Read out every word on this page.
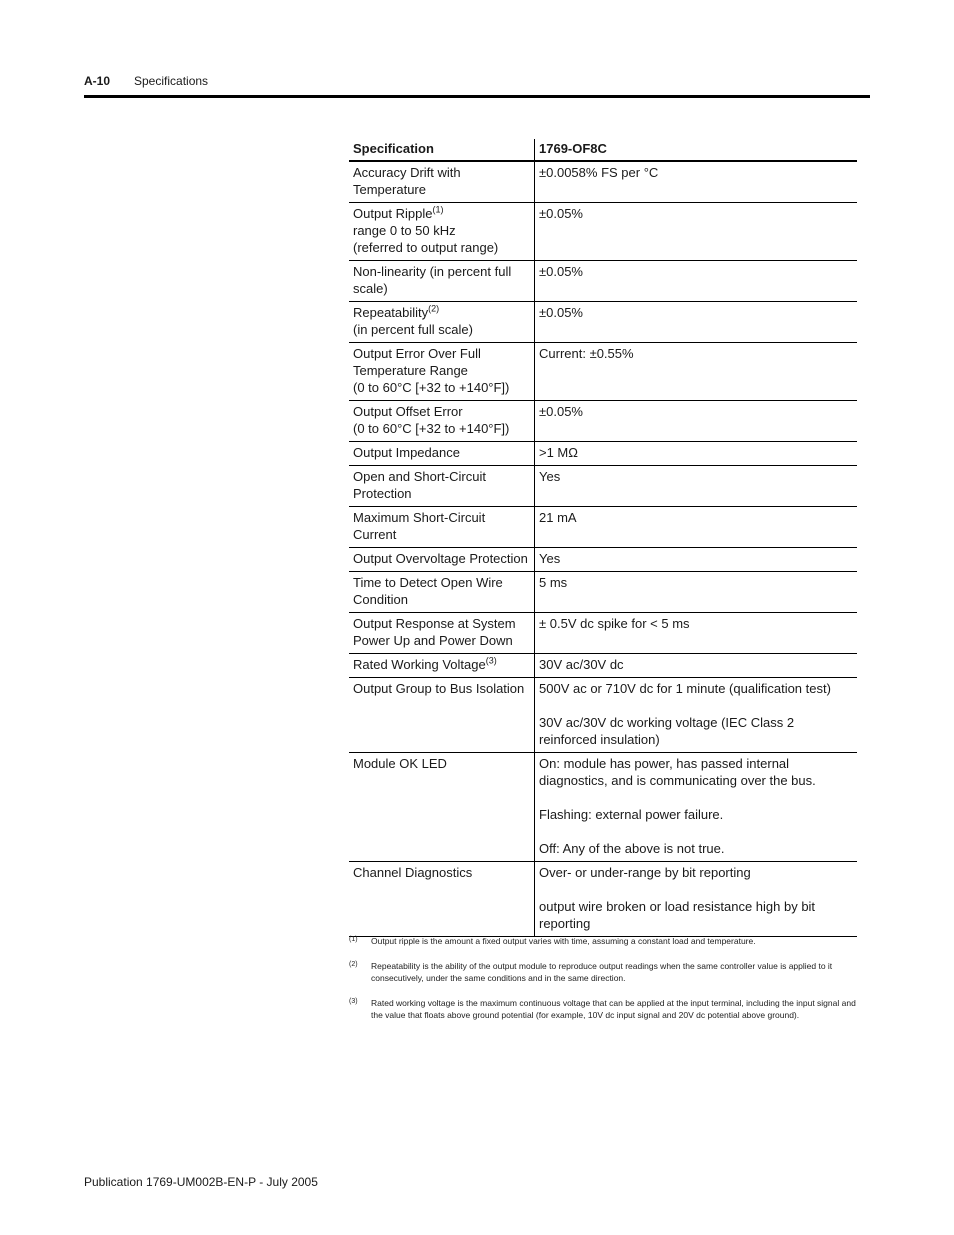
A-10 Specifications
Specification	1769-OF8C
Accuracy Drift with Temperature	±0.0058% FS per °C

Output Ripple$^{(1)}$
range 0 to 50 kHz
(referred to output range)	±0.05%

Non-linearity (in percent full scale)	±0.05%

Repeatability$^{(2)}$
(in percent full scale)	±0.05%

Output Error Over Full Temperature Range
(0 to 60°C [+32 to +140°F])	Current: ±0.55%

Output Offset Error
(0 to 60°C [+32 to +140°F])	±0.05%

Output Impedance	>1 MΩ

Open and Short-Circuit Protection	Yes

Maximum Short-Circuit Current	21 mA

Output Overvoltage Protection	Yes

Time to Detect Open Wire Condition	5 ms

Output Response at System Power Up and Power Down	± 0.5V dc spike for < 5 ms

Rated Working Voltage$^{(3)}$	30V ac/30V dc

Output Group to Bus Isolation	500V ac or 710V dc for 1 minute (qualification test)

30V ac/30V dc working voltage (IEC Class 2 reinforced insulation)

Module OK LED	On: module has power, has passed internal diagnostics, and is communicating over the bus.

Flashing: external power failure.

Off: Any of the above is not true.

Channel Diagnostics	Over- or under-range by bit reporting

output wire broken or load resistance high by bit reporting

(1)	Output ripple is the amount a fixed output varies with time, assuming a constant load and temperature.
(2)	Repeatability is the ability of the output module to reproduce output readings when the same controller value is applied to it consecutively, under the same conditions and in the same direction.
(3)	Rated working voltage is the maximum continuous voltage that can be applied at the input terminal, including the input signal and the value that floats above ground potential (for example, 10V dc input signal and 20V dc potential above ground).
Publication 1769-UM002B-EN-P - July 2005
